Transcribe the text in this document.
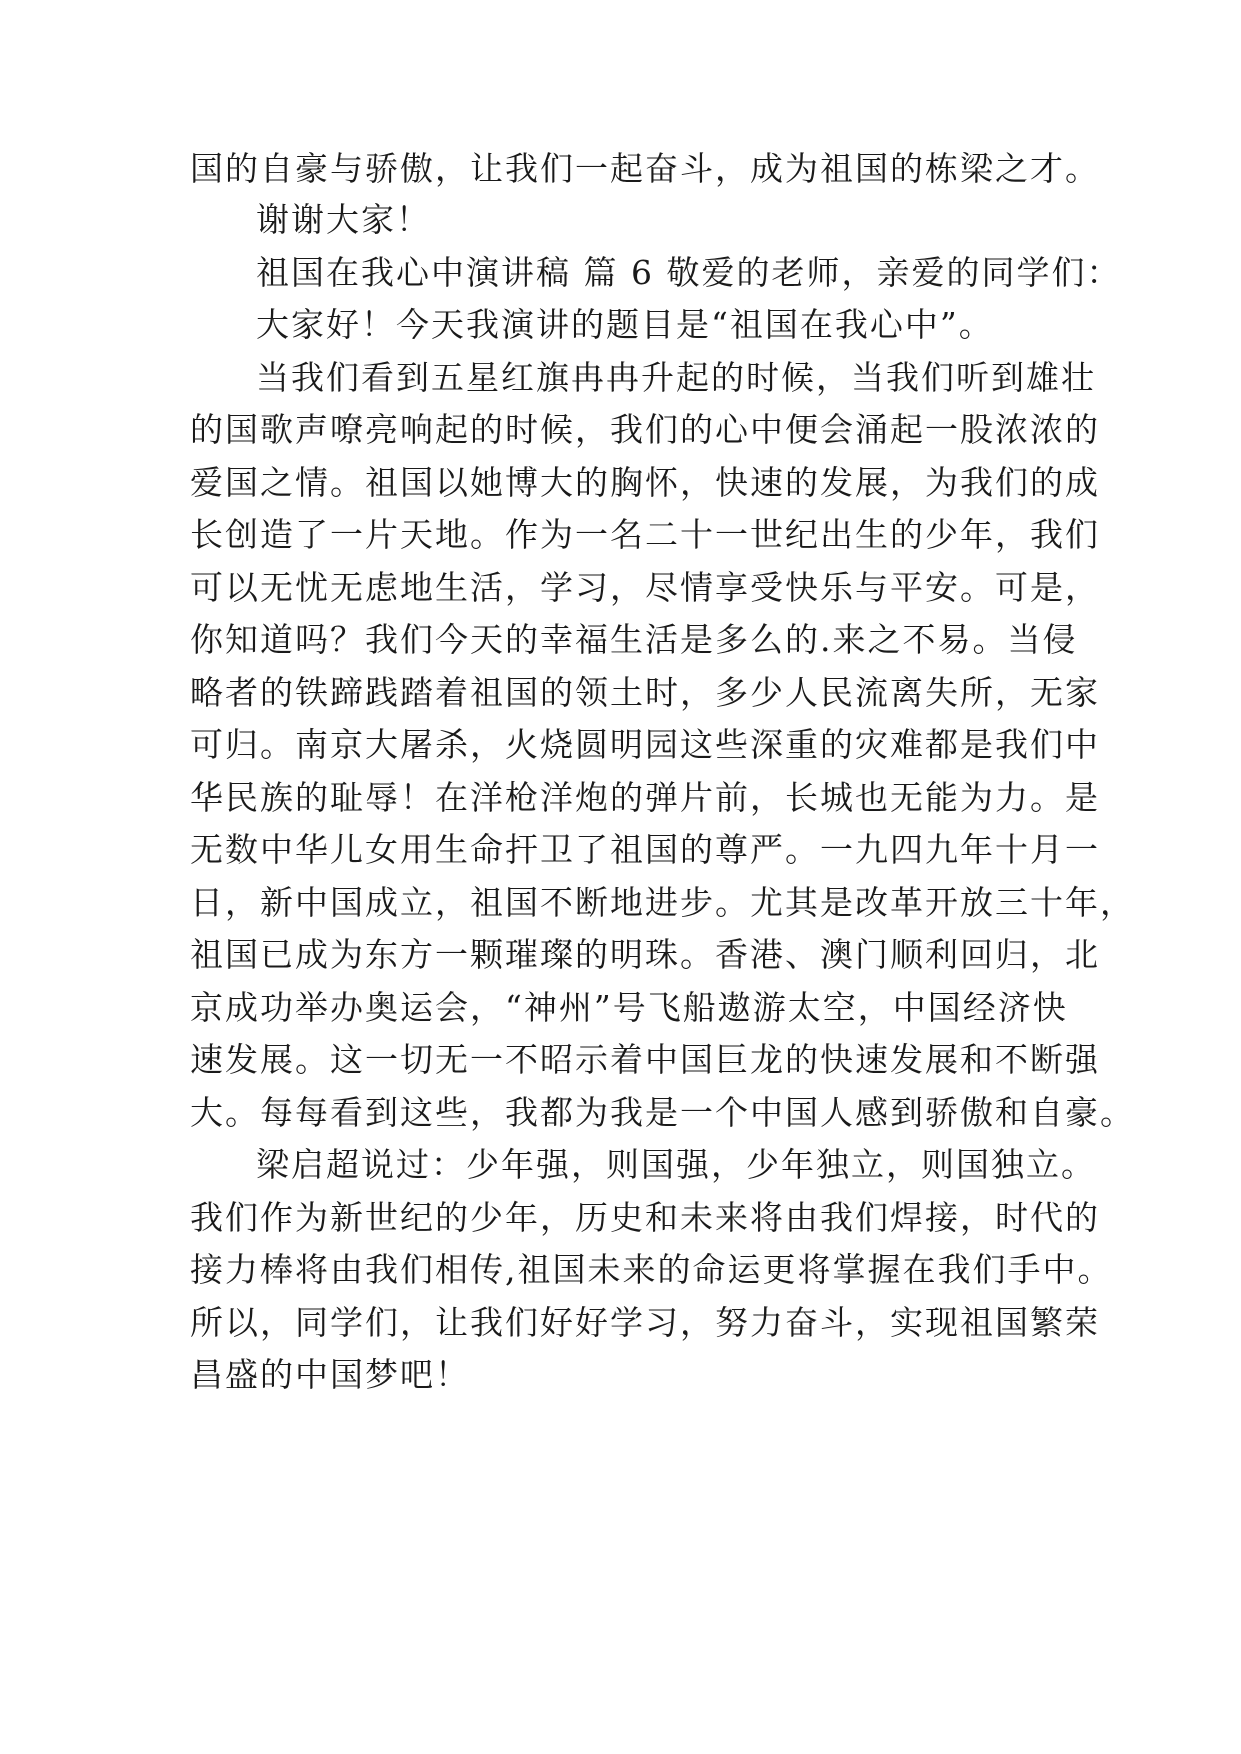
国的自豪与骄傲，让我们一起奋斗，成为祖国的栋梁之才。
谢谢大家！
祖国在我心中演讲稿 篇 6 敬爱的老师，亲爱的同学们：
大家好！今天我演讲的题目是“祖国在我心中”。
当我们看到五星红旗冉冉升起的时候，当我们听到雄壮
的国歌声嘹亮响起的时候，我们的心中便会涌起一股浓浓的
爱国之情。祖国以她博大的胸怀，快速的发展，为我们的成
长创造了一片天地。作为一名二十一世纪出生的少年，我们
可以无忧无虑地生活，学习，尽情享受快乐与平安。可是，
你知道吗？我们今天的幸福生活是多么的.来之不易。当侵
略者的铁蹄践踏着祖国的领土时，多少人民流离失所，无家
可归。南京大屠杀，火烧圆明园这些深重的灾难都是我们中
华民族的耻辱！在洋枪洋炮的弹片前，长城也无能为力。是
无数中华儿女用生命扞卫了祖国的尊严。一九四九年十月一
日，新中国成立，祖国不断地进步。尤其是改革开放三十年，
祖国已成为东方一颗璀璨的明珠。香港、澳门顺利回归，北
京成功举办奥运会，“神州”号飞船遨游太空，中国经济快
速发展。这一切无一不昭示着中国巨龙的快速发展和不断强
大。每每看到这些，我都为我是一个中国人感到骄傲和自豪。
梁启超说过：少年强，则国强，少年独立，则国独立。
我们作为新世纪的少年，历史和未来将由我们焊接，时代的
接力棒将由我们相传,祖国未来的命运更将掌握在我们手中。
所以，同学们，让我们好好学习，努力奋斗，实现祖国繁荣
昌盛的中国梦吧！
